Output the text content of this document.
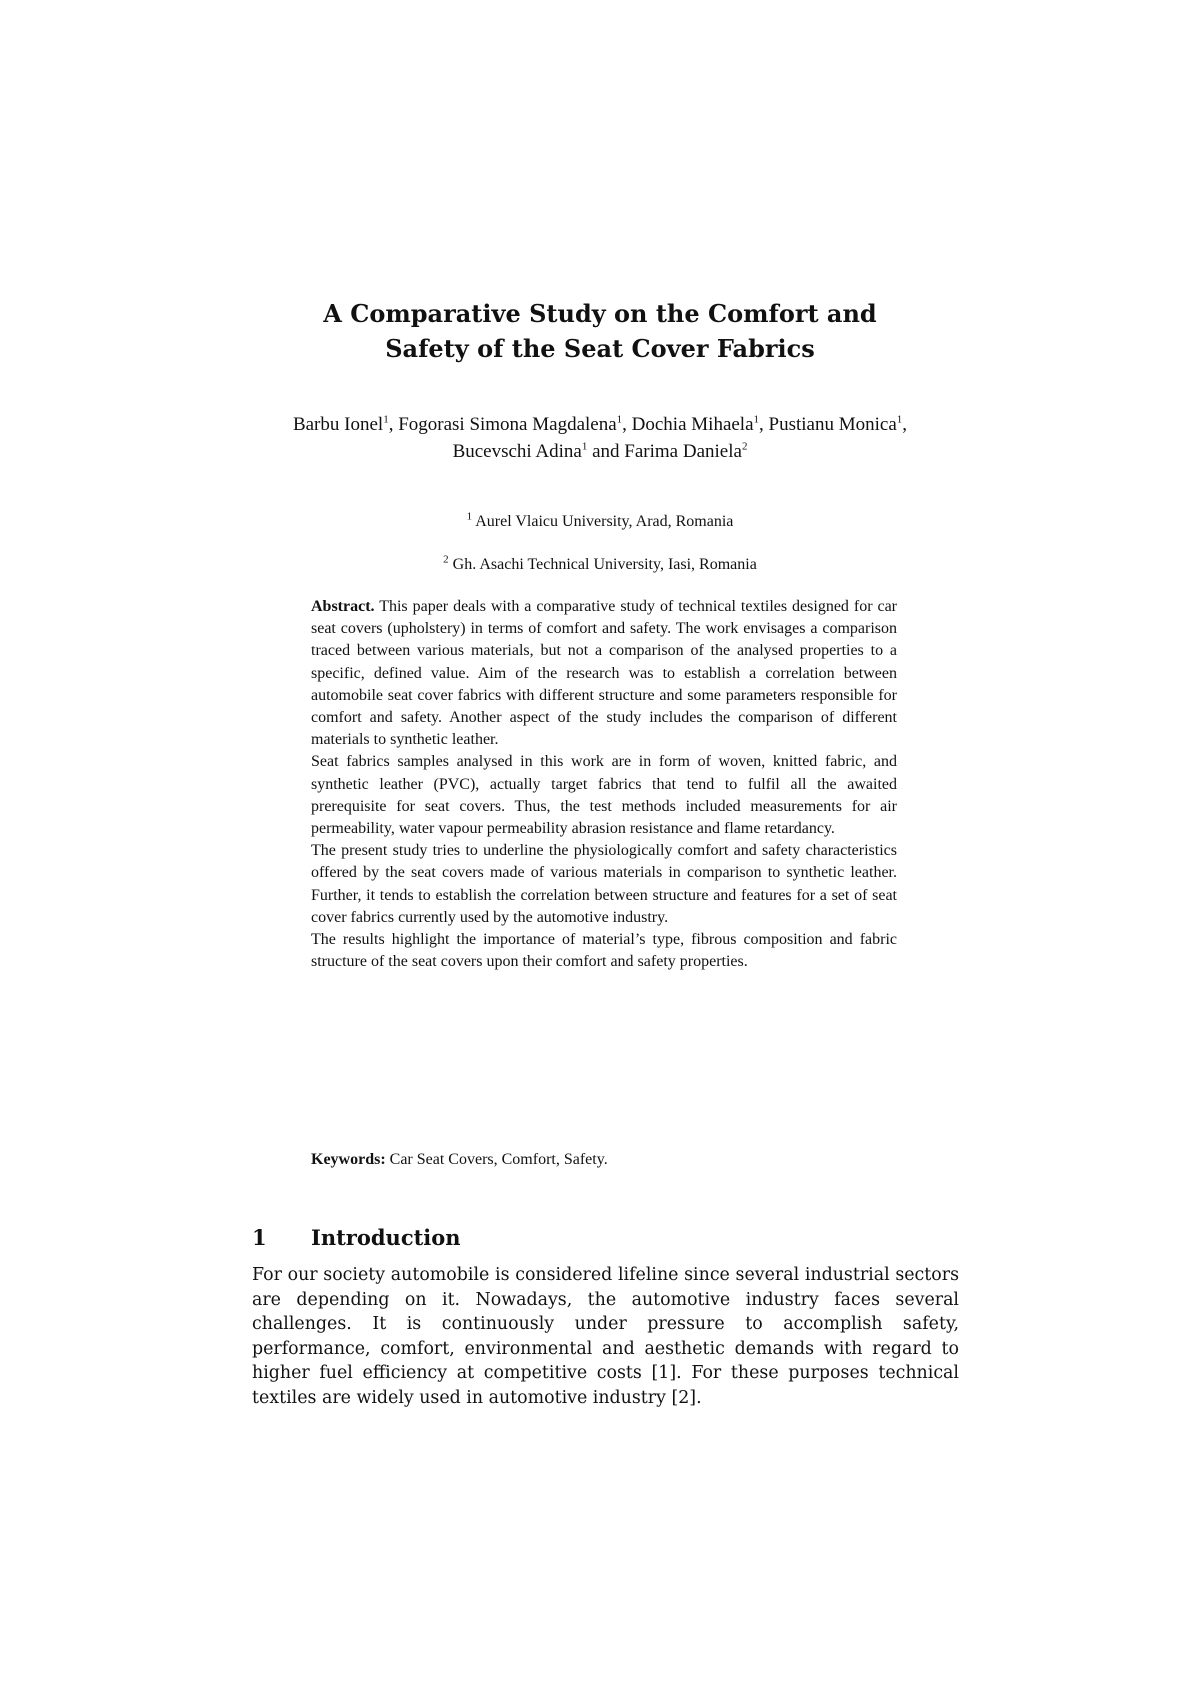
A Comparative Study on the Comfort and
Safety of the Seat Cover Fabrics
Barbu Ionel$^1$, Fogorasi Simona Magdalena$^1$, Dochia Mihaela$^1$, Pustianu Monica$^1$,
Bucevschi Adina$^1$ and Farima Daniela$^2$
$^1$ Aurel Vlaicu University, Arad, Romania
$^2$ Gh. Asachi Technical University, Iasi, Romania

Abstract. This paper deals with a comparative study of technical textiles designed for car seat covers (upholstery) in terms of comfort and safety. The work envisages a comparison traced between various materials, but not a comparison of the analysed properties to a specific, defined value. Aim of the research was to establish a correlation between automobile seat cover fabrics with different structure and some parameters responsible for comfort and safety. Another aspect of the study includes the comparison of different materials to synthetic leather.

Seat fabrics samples analysed in this work are in form of woven, knitted fabric, and synthetic leather (PVC), actually target fabrics that tend to fulfil all the awaited prerequisite for seat covers. Thus, the test methods included measurements for air permeability, water vapour permeability abrasion resistance and flame retardancy.

The present study tries to underline the physiologically comfort and safety characteristics offered by the seat covers made of various materials in comparison to synthetic leather. Further, it tends to establish the correlation between structure and features for a set of seat cover fabrics currently used by the automotive industry.

The results highlight the importance of material’s type, fibrous composition and fabric structure of the seat covers upon their comfort and safety properties.

Keywords: Car Seat Covers, Comfort, Safety.
1 Introduction

For our society automobile is considered lifeline since several industrial sectors are depending on it. Nowadays, the automotive industry faces several challenges. It is continuously under pressure to accomplish safety, performance, comfort, environmental and aesthetic demands with regard to higher fuel efficiency at competitive costs [1]. For these purposes technical textiles are widely used in automotive industry [2].
